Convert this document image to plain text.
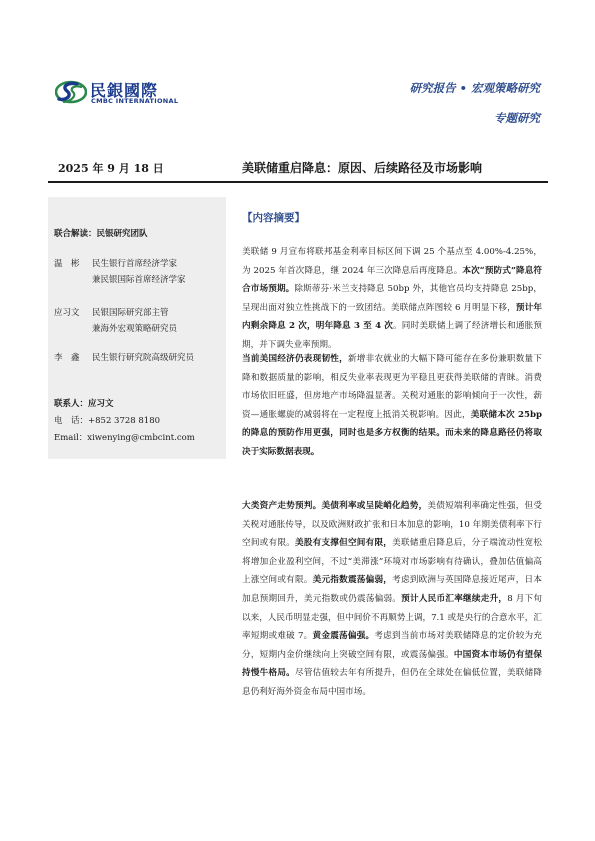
民銀國際
CMBC INTERNATIONAL
研究报告 • 宏观策略研究
专题研究
2025 年 9 月 18 日	美联储重启降息：原因、后续路径及市场影响
联合解读：民银研究团队
温　彬 民生银行首席经济学家
兼民银国际首席经济学家
应习文 民银国际研究部主管
兼海外宏观策略研究员
李　鑫 民生银行研究院高级研究员
联系人：应习文
电　话：+852 3728 8180
Email：xiwenying@cmbcint.com
【内容摘要】
美联储 9 月宣布将联邦基金利率目标区间下调 25 个基点至 4.00%-4.25%，为 2025 年首次降息，继 2024 年三次降息后再度降息。本次“预防式”降息符合市场预期。除斯蒂芬·米兰支持降息 50bp 外，其他官员均支持降息 25bp，呈现出面对独立性挑战下的一致团结。美联储点阵图较 6 月明显下移，预计年内剩余降息 2 次，明年降息 3 至 4 次。同时美联储上调了经济增长和通胀预期，并下调失业率预期。
当前美国经济仍表现韧性，新增非农就业的大幅下降可能存在多份兼职数量下降和数据质量的影响，相反失业率表现更为平稳且更获得美联储的青睐。消费市场依旧旺盛，但房地产市场降温显著。关税对通胀的影响倾向于一次性，薪资—通胀螺旋的减弱将在一定程度上抵消关税影响。因此，美联储本次 25bp 的降息的预防作用更强，同时也是多方权衡的结果。而未来的降息路径仍将取决于实际数据表现。
大类资产走势预判。美债利率或呈陡峭化趋势，美债短端利率确定性强，但受关税对通胀传导，以及欧洲财政扩张和日本加息的影响，10 年期美债利率下行空间或有限。美股有支撑但空间有限，美联储重启降息后，分子端流动性宽松将增加企业盈利空间，不过“美滞涨”环境对市场影响有待确认，叠加估值偏高上涨空间或有限。美元指数震荡偏弱，考虑到欧洲与英国降息接近尾声，日本加息预期回升，美元指数或仍震荡偏弱。预计人民币汇率继续走升，8 月下旬以来，人民币明显走强，但中间价不再顺势上调，7.1 或是央行的合意水平，汇率短期或难破 7。黄金震荡偏强。考虑到当前市场对美联储降息的定价较为充分，短期内金价继续向上突破空间有限，或震荡偏强。中国资本市场仍有望保持慢牛格局。尽管估值较去年有所提升，但仍在全球处在偏低位置，美联储降息仍利好海外资金布局中国市场。
